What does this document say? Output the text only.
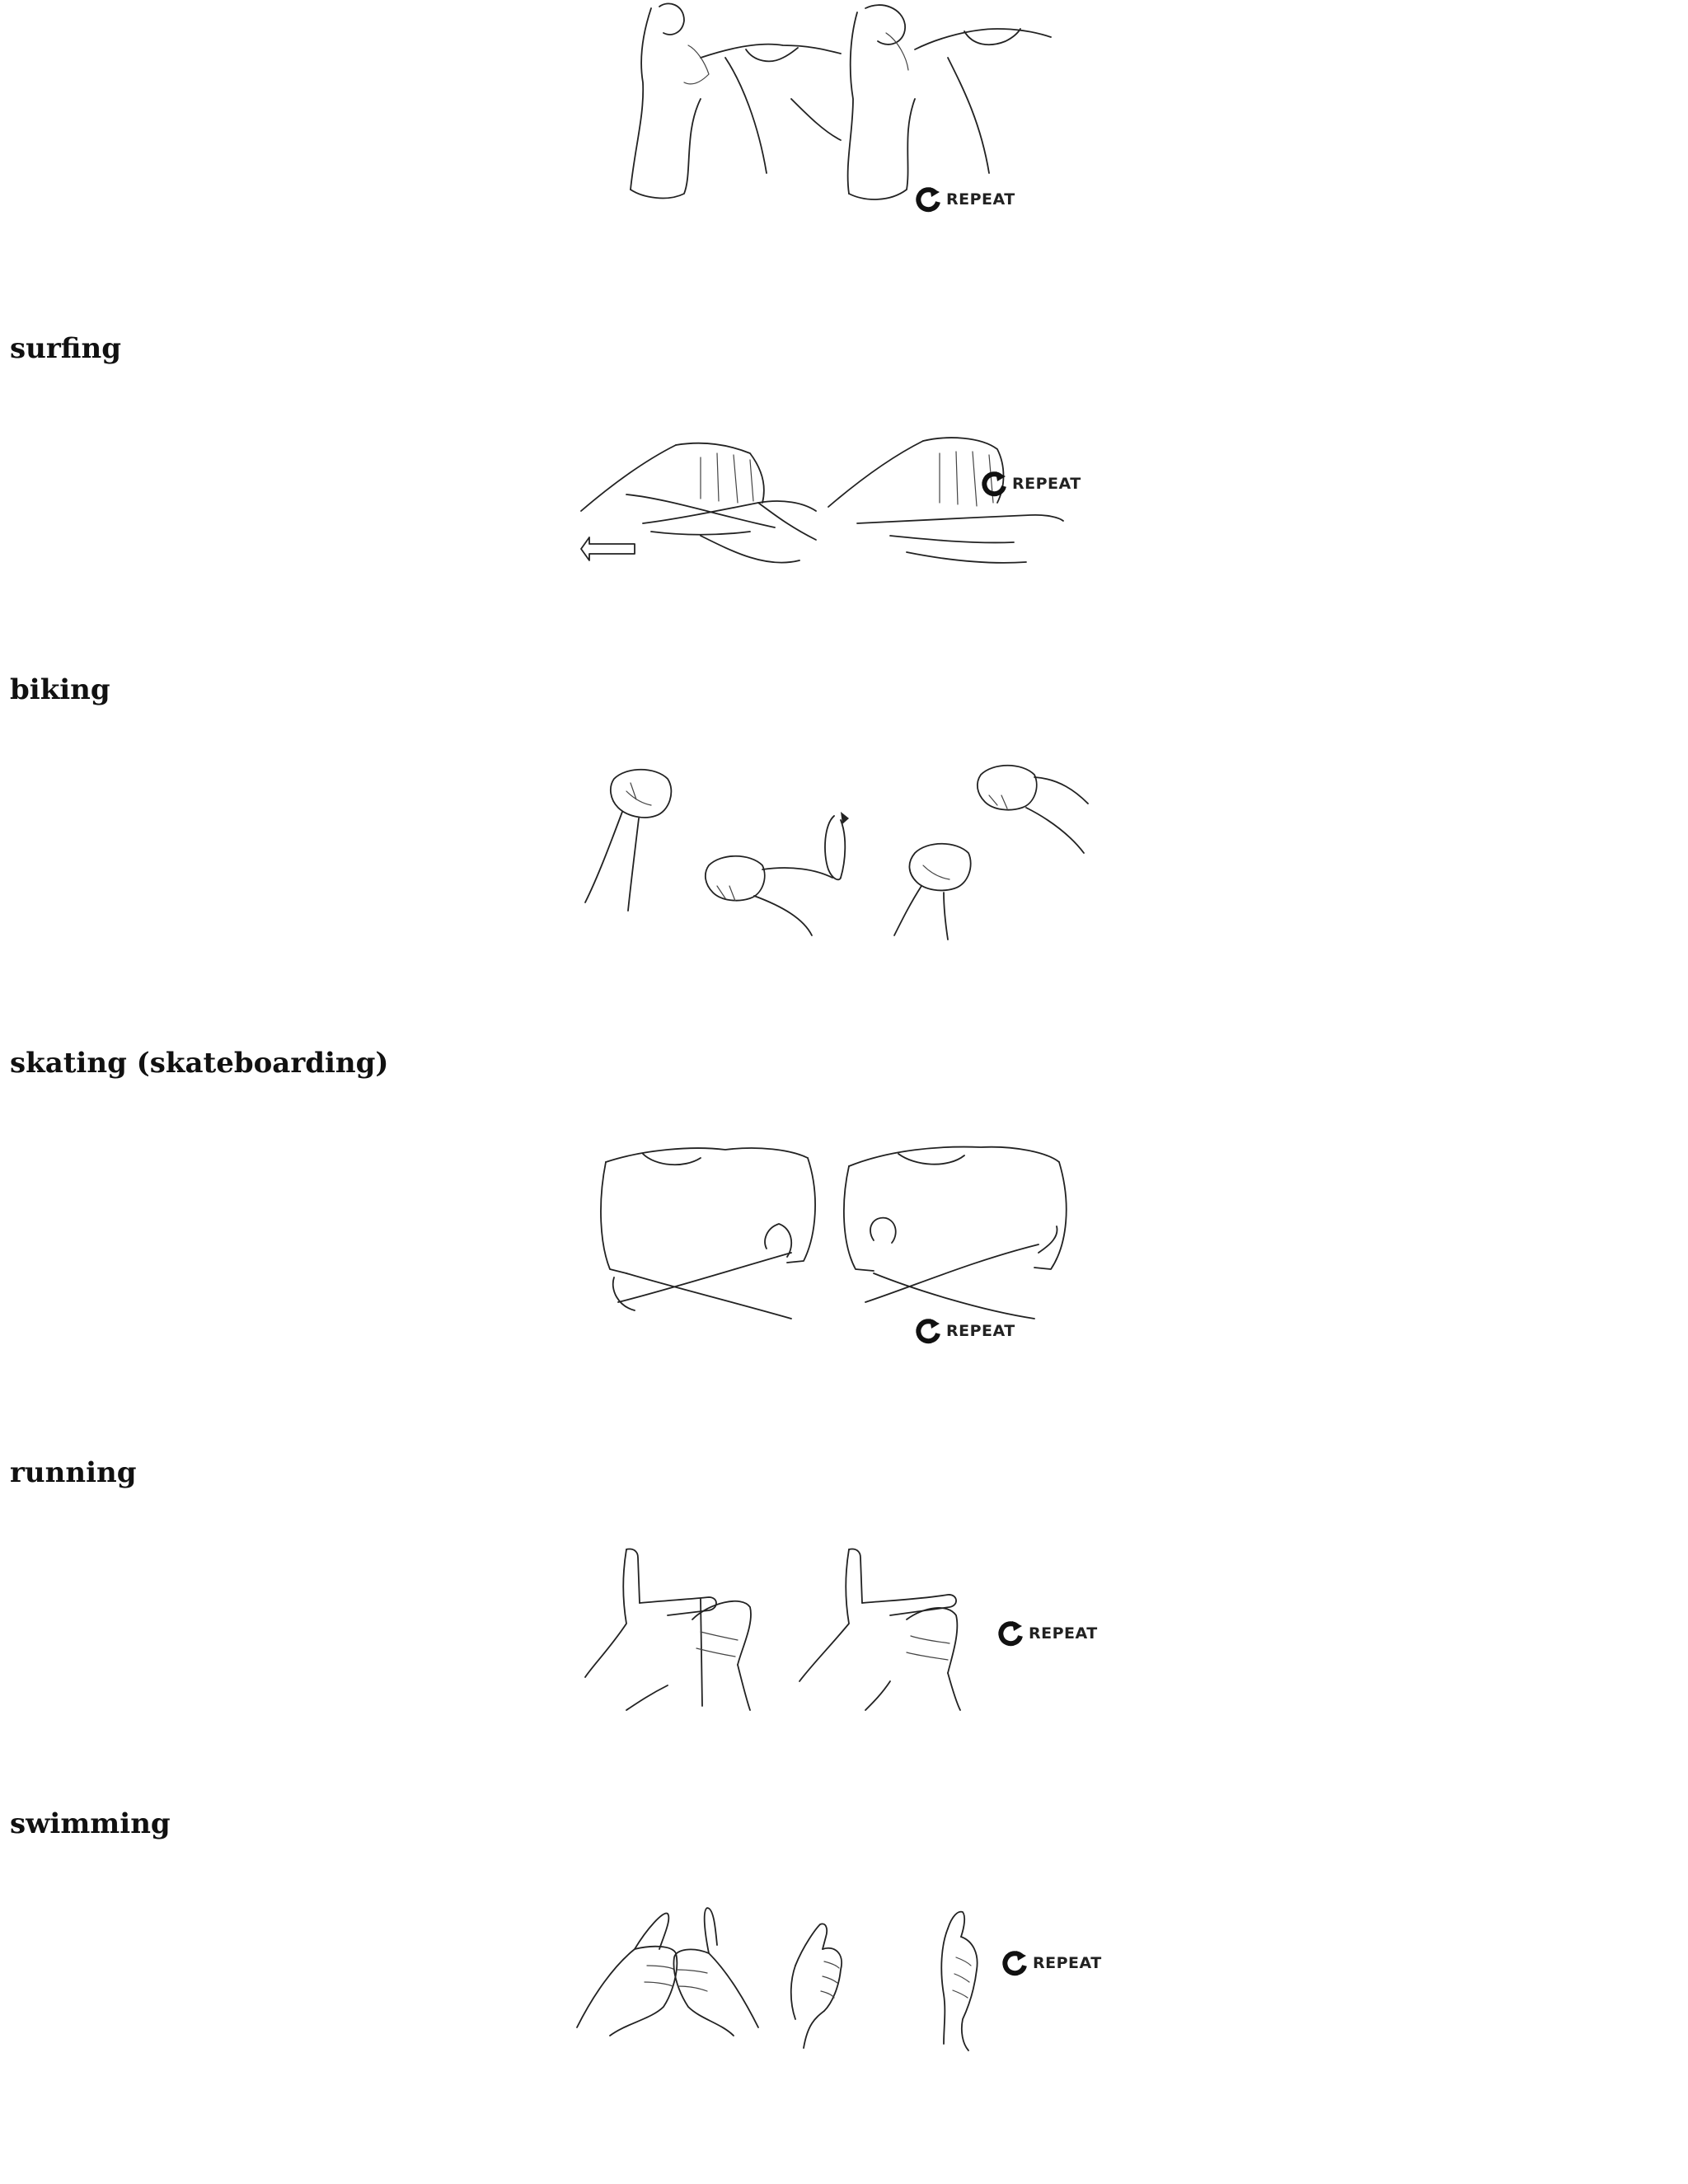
REPEAT
surfing
REPEAT
biking
skating (skateboarding)
REPEAT
running
REPEAT
swimming
REPEAT
